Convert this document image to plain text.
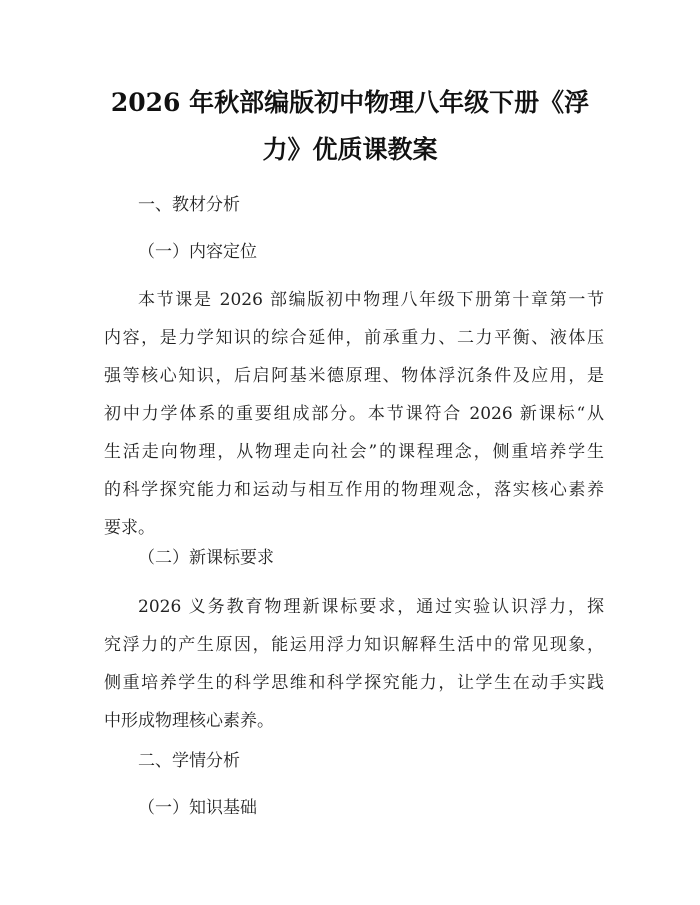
2026 年秋部编版初中物理八年级下册《浮
力》优质课教案
一、教材分析
（一）内容定位
本节课是 2026 部编版初中物理八年级下册第十章第一节
内容，是力学知识的综合延伸，前承重力、二力平衡、液体压
强等核心知识，后启阿基米德原理、物体浮沉条件及应用，是
初中力学体系的重要组成部分。本节课符合 2026 新课标“从
生活走向物理，从物理走向社会”的课程理念，侧重培养学生
的科学探究能力和运动与相互作用的物理观念，落实核心素养
要求。
（二）新课标要求
2026 义务教育物理新课标要求，通过实验认识浮力，探
究浮力的产生原因，能运用浮力知识解释生活中的常见现象，
侧重培养学生的科学思维和科学探究能力，让学生在动手实践
中形成物理核心素养。
二、学情分析
（一）知识基础
